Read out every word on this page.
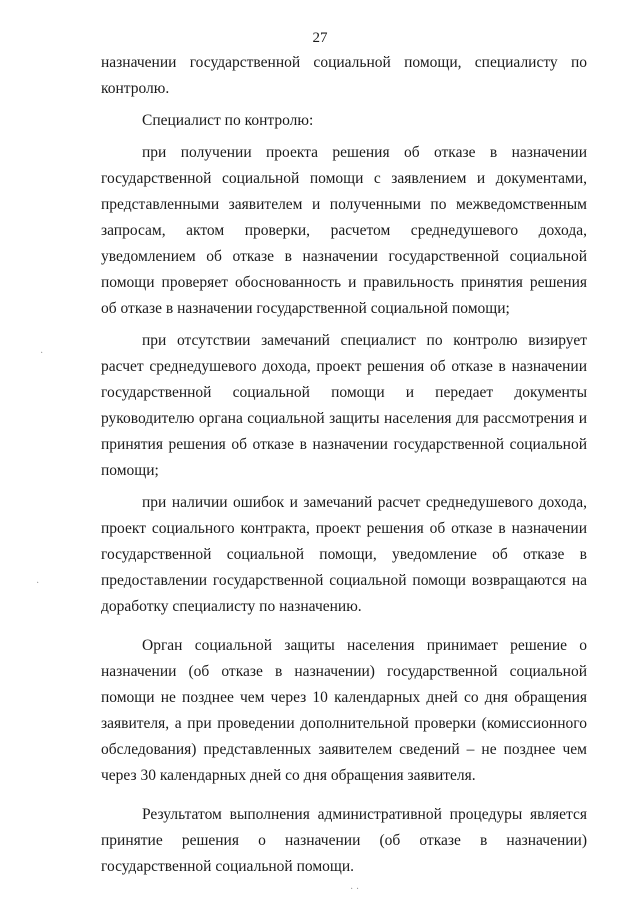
27

назначении государственной социальной помощи, специалисту по контролю.

Специалист по контролю:

при получении проекта решения об отказе в назначении государственной социальной помощи с заявлением и документами, представленными заявителем и полученными по межведомственным запросам, актом проверки, расчетом среднедушевого дохода, уведомлением об отказе в назначении государственной социальной помощи проверяет обоснованность и правильность принятия решения об отказе в назначении государственной социальной помощи;

при отсутствии замечаний специалист по контролю визирует расчет среднедушевого дохода, проект решения об отказе в назначении государственной социальной помощи и передает документы руководителю органа социальной защиты населения для рассмотрения и принятия решения об отказе в назначении государственной социальной помощи;

при наличии ошибок и замечаний расчет среднедушевого дохода, проект социального контракта, проект решения об отказе в назначении государственной социальной помощи, уведомление об отказе в предоставлении государственной социальной помощи возвращаются на доработку специалисту по назначению.

Орган социальной защиты населения принимает решение о назначении (об отказе в назначении) государственной социальной помощи не позднее чем через 10 календарных дней со дня обращения заявителя, а при проведении дополнительной проверки (комиссионного обследования) представленных заявителем сведений – не позднее чем через 30 календарных дней со дня обращения заявителя.

Результатом выполнения административной процедуры является принятие решения о назначении (об отказе в назначении) государственной социальной помощи.

·
·
· ·
